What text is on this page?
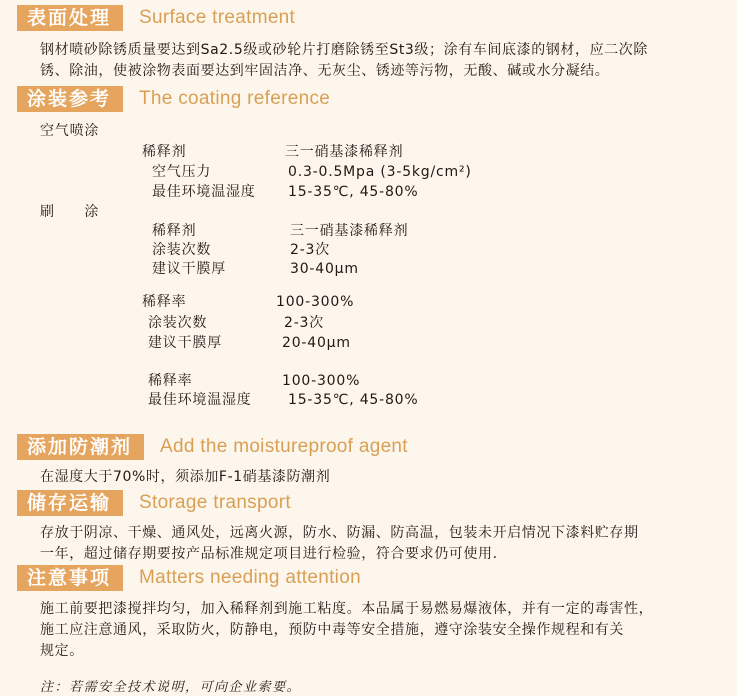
表面处理	Surface treatment
钢材喷砂除锈质量要达到Sa2.5级或砂轮片打磨除锈至St3级；涂有车间底漆的钢材，应二次除
锈、除油，使被涂物表面要达到牢固洁净、无灰尘、锈迹等污物，无酸、碱或水分凝结。
涂装参考	The coating reference
空气喷涂
稀释剂	三一硝基漆稀释剂
空气压力	0.3-0.5Mpa (3-5kg/cm²)
最佳环境温湿度 15-35℃, 45-80%
刷　　涂
稀释剂	三一硝基漆稀释剂
涂装次数	2-3次
建议干膜厚	30-40μm
稀释率	100-300%
涂装次数	2-3次
建议干膜厚	20-40μm
稀释率	100-300%
最佳环境温湿度	15-35℃, 45-80%
添加防潮剂	Add the moistureproof agent
在湿度大于70%时，须添加F-1硝基漆防潮剂
储存运输	Storage transport
存放于阴凉、干燥、通风处，远离火源，防水、防漏、防高温，包装未开启情况下漆料贮存期
一年，超过储存期要按产品标准规定项目进行检验，符合要求仍可使用.
注意事项	Matters needing attention
施工前要把漆搅拌均匀，加入稀释剂到施工粘度。本品属于易燃易爆液体，并有一定的毒害性，
施工应注意通风，采取防火，防静电，预防中毒等安全措施，遵守涂装安全操作规程和有关
规定。
注：若需安全技术说明，可向企业索要。
